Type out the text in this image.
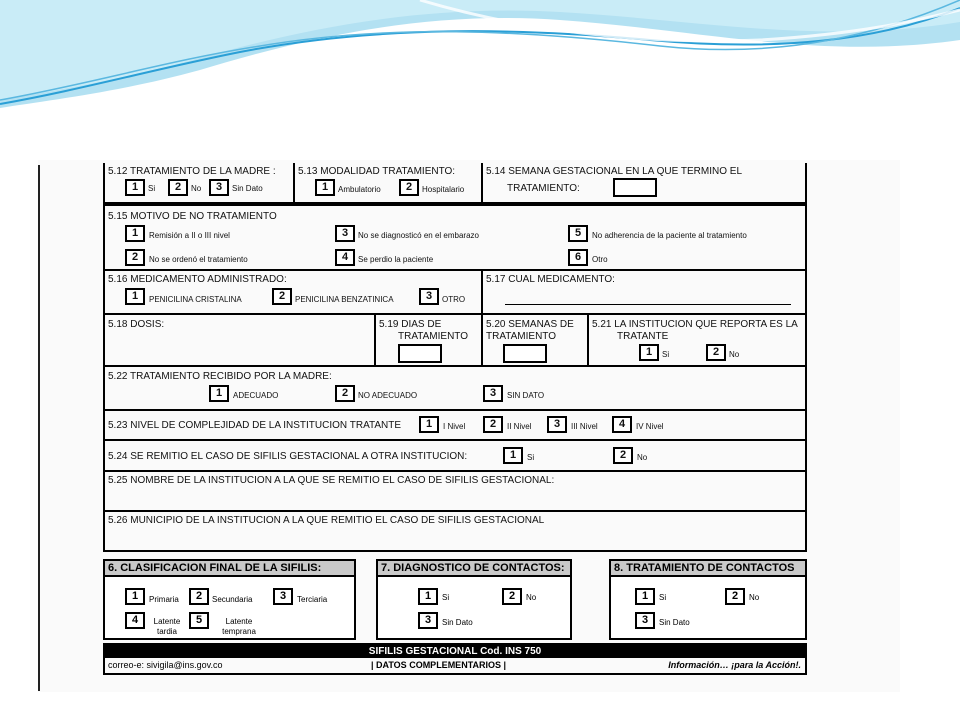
5.12 TRATAMIENTO DE LA MADRE :
1	Si	2	No	3	Sin Dato
5.13 MODALIDAD TRATAMIENTO:
1	Ambulatorio	2	Hospitalario
5.14 SEMANA GESTACIONAL EN LA QUE TERMINO EL
TRATAMIENTO:
5.15 MOTIVO DE NO TRATAMIENTO
1	Remisión a II o III nivel
2	No se ordenó el tratamiento
3	No se diagnosticó en el embarazo
4	Se perdio la paciente
5	No adherencia de la paciente al tratamiento
6	Otro
5.16 MEDICAMENTO ADMINISTRADO:
1	PENICILINA CRISTALINA	2	PENICILINA BENZATINICA	3	OTRO
5.17 CUAL MEDICAMENTO:
5.18 DOSIS:	5.19 DIAS DE
TRATAMIENTO
5.20 SEMANAS DE
TRATAMIENTO
5.21 LA INSTITUCION QUE REPORTA ES LA
TRATANTE
1	Si	2	No
5.22 TRATAMIENTO RECIBIDO POR LA MADRE:
1	ADECUADO	2	NO ADECUADO	3	SIN DATO
5.23 NIVEL DE COMPLEJIDAD DE LA INSTITUCION TRATANTE	1	I Nivel	2	II Nivel	3	III Nivel	4	IV Nivel
5.24 SE REMITIO EL CASO DE SIFILIS GESTACIONAL A OTRA INSTITUCION:	1	Si	2	No
5.25 NOMBRE DE LA INSTITUCION A LA QUE SE REMITIO EL CASO DE SIFILIS GESTACIONAL:
5.26 MUNICIPIO DE LA INSTITUCION A LA QUE REMITIO EL CASO DE SIFILIS GESTACIONAL
6. CLASIFICACION FINAL DE LA SIFILIS:
1	Primaria	2	Secundaria	3	Terciaria
4	Latente tardia
5	Latente temprana
7. DIAGNOSTICO DE CONTACTOS:
1	Si	2	No
3	Sin Dato
8. TRATAMIENTO DE CONTACTOS
1	Si	2	No
3	Sin Dato
SIFILIS GESTACIONAL Cod. INS 750
correo-e: sivigila@ins.gov.co	| DATOS COMPLEMENTARIOS |	Información… ¡para la Acción!.
